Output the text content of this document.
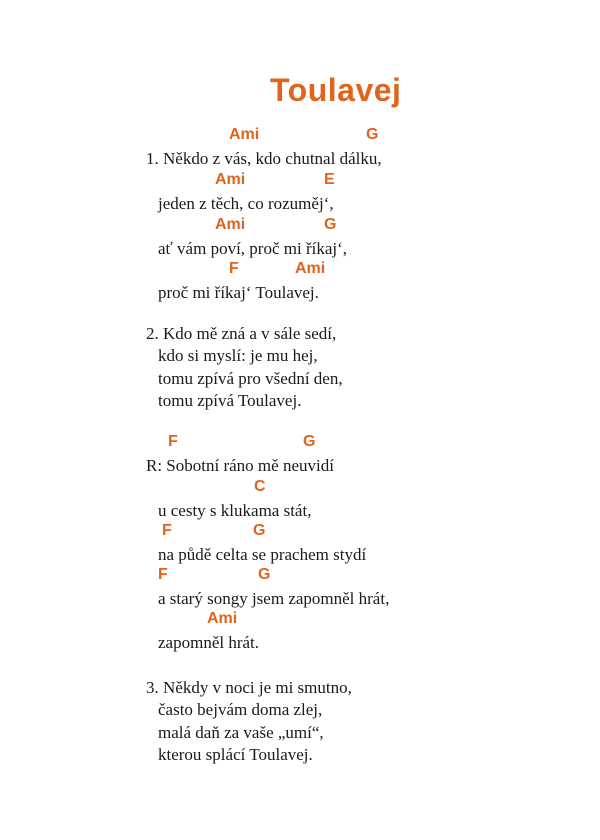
Toulavej
Ami	G
1. Někdo z vás, kdo chutnal dálku,
Ami	E
jeden z těch, co rozuměj‘,
Ami	G
ať vám poví, proč mi říkaj‘,
F	Ami
proč mi říkaj‘ Toulavej.
2. Kdo mě zná a v sále sedí,
kdo si myslí: je mu hej,
tomu zpívá pro všední den,
tomu zpívá Toulavej.
F	G
R: Sobotní ráno mě neuvidí
C
u cesty s klukama stát,
F	G
na půdě celta se prachem stydí
F	G
a starý songy jsem zapomněl hrát,
Ami
zapomněl hrát.
3. Někdy v noci je mi smutno,
často bejvám doma zlej,
malá daň za vaše „umí“,
kterou splácí Toulavej.
